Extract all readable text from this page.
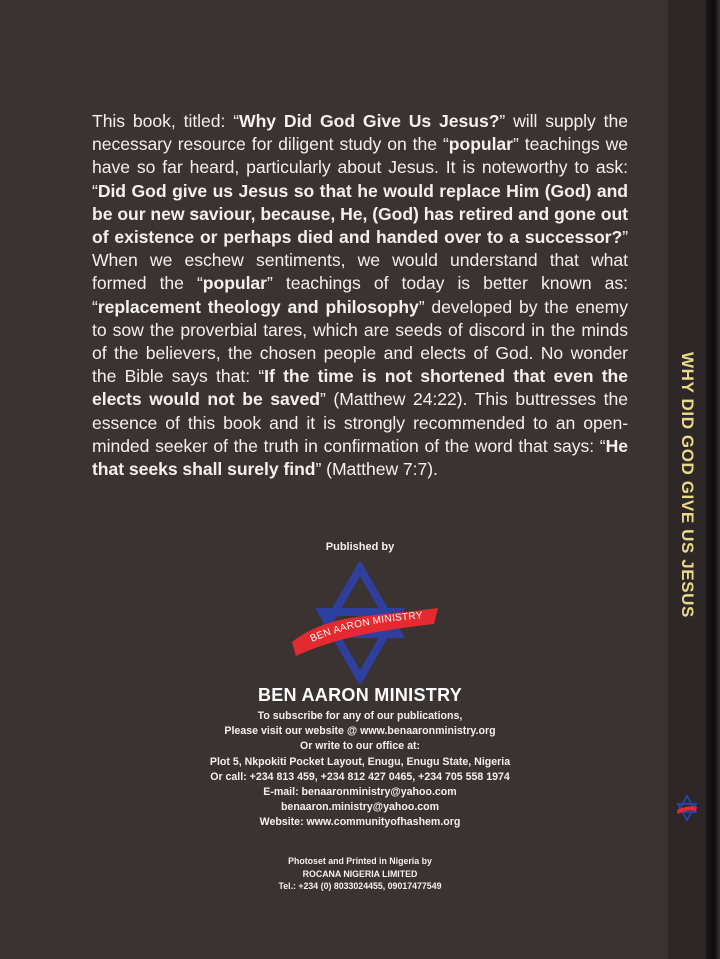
WHY DID GOD GIVE US JESUS
This book, titled: “Why Did God Give Us Jesus?” will supply the necessary resource for diligent study on the “popular” teachings we have so far heard, particularly about Jesus. It is noteworthy to ask: “Did God give us Jesus so that he would replace Him (God) and be our new saviour, because, He, (God) has retired and gone out of existence or perhaps died and handed over to a successor?” When we eschew sentiments, we would understand that what formed the “popular” teachings of today is better known as: “replacement theology and philosophy” developed by the enemy to sow the proverbial tares, which are seeds of discord in the minds of the believers, the chosen people and elects of God. No wonder the Bible says that: “If the time is not shortened that even the elects would not be saved” (Matthew 24:22). This buttresses the essence of this book and it is strongly recommended to an open-minded seeker of the truth in confirmation of the word that says: “He that seeks shall surely find” (Matthew 7:7).
Published by
BEN AARON MINISTRY
BEN AARON MINISTRY
To subscribe for any of our publications,
Please visit our website @ www.benaaronministry.org
Or write to our office at:
Plot 5, Nkpokiti Pocket Layout, Enugu, Enugu State, Nigeria
Or call: +234 813 459, +234 812 427 0465, +234 705 558 1974
E-mail: benaaronministry@yahoo.com
benaaron.ministry@yahoo.com
Website: www.communityofhashem.org
Photoset and Printed in Nigeria by
ROCANA NIGERIA LIMITED
Tel.: +234 (0) 8033024455, 09017477549
